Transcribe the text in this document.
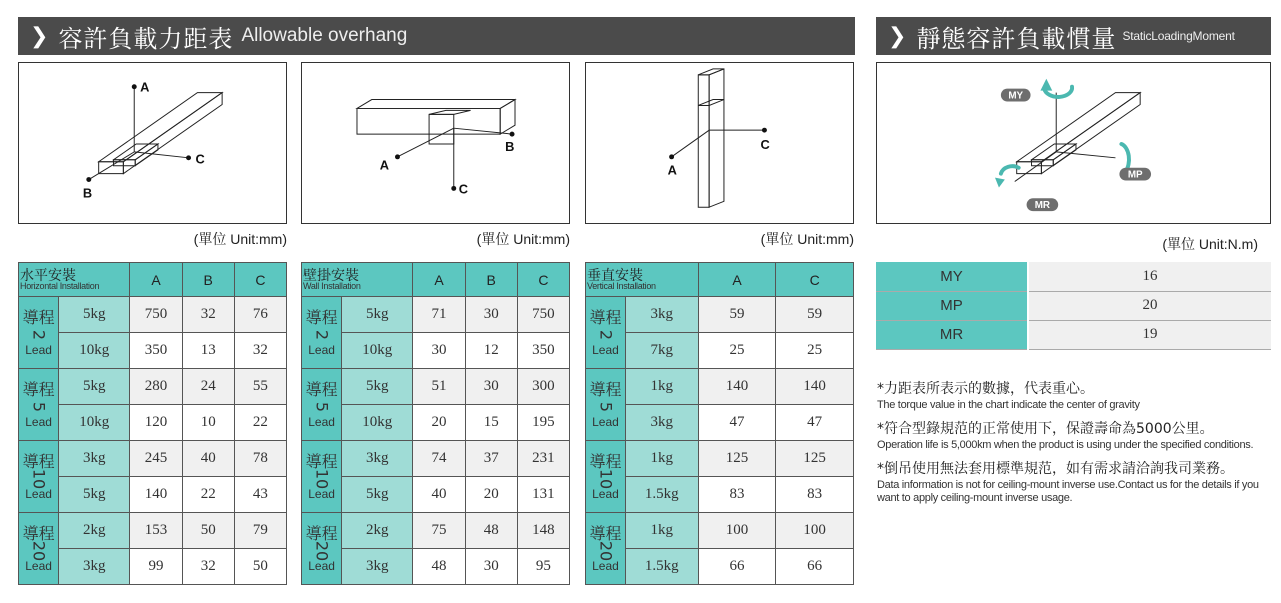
❯ 容許負載力距表 Allowable overhang	❯ 靜態容許負載慣量 StaticLoadingMoment
A
B
C	A
B
C
A
C
MY
MP
MR
(單位 Unit:mm)	(單位 Unit:mm)	(單位 Unit:mm)	(單位 Unit:N.m)
水平安裝
Horizontal Installation		A	B	C

導程
2
Lead	5kg	750	32	76
	10kg	350	13	32

導程
5
Lead	5kg	280	24	55
	10kg	120	10	22

導程
10
Lead	3kg	245	40	78
	5kg	140	22	43

導程
20
Lead	2kg	153	50	79
	3kg	99	32	50
壁掛安裝
Wall Installation		A	B	C

導程
2
Lead	5kg	71	30	750
	10kg	30	12	350

導程
5
Lead	5kg	51	30	300
	10kg	20	15	195

導程
10
Lead	3kg	74	37	231
	5kg	40	20	131

導程
20
Lead	2kg	75	48	148
	3kg	48	30	95
垂直安裝
Vertical Installation		A	C

導程
2
Lead	3kg	59	59
	7kg	25	25

導程
5
Lead	1kg	140	140
	3kg	47	47

導程
10
Lead	1kg	125	125
	1.5kg	83	83

導程
20
Lead	1kg	100	100
	1.5kg	66	66
MY	16
MP	20
MR	19
*力距表所表示的數據，代表重心。
The torque value in the chart indicate the center of gravity
*符合型錄規范的正常使用下，保證壽命為5000公里。
Operation life is 5,000km when the product is using under the specified conditions.
*倒吊使用無法套用標準規范，如有需求請洽詢我司業務。
Data information is not for ceiling-mount inverse use.Contact us for the details if you want to apply ceiling-mount inverse usage.
